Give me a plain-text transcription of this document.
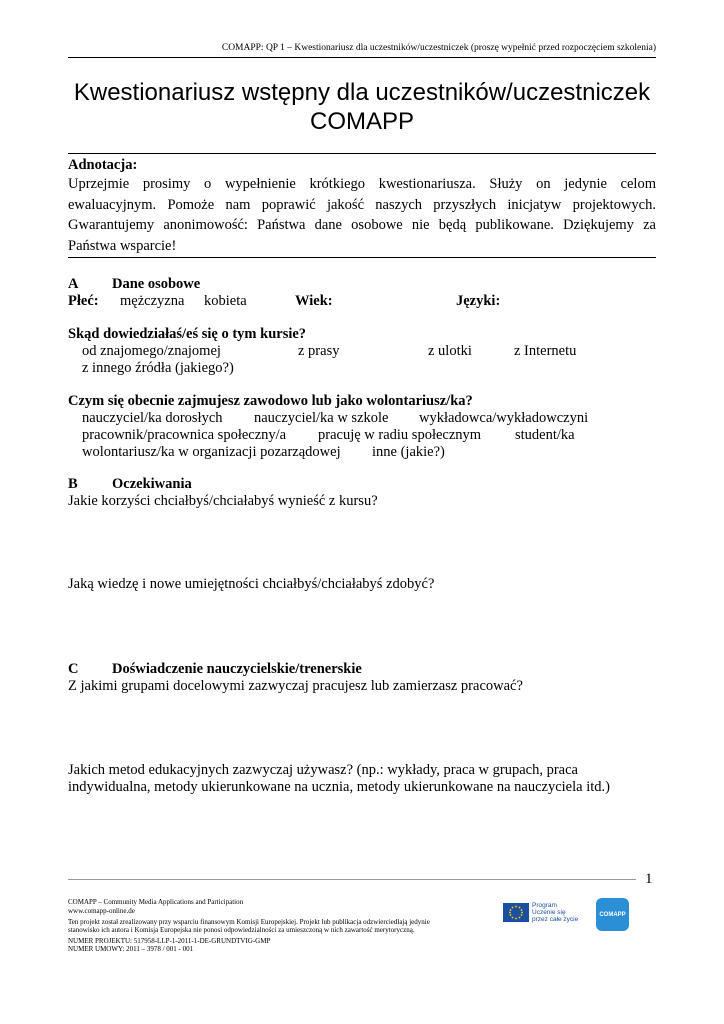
COMAPP: QP 1 – Kwestionariusz dla uczestników/uczestniczek (proszę wypełnić przed rozpoczęciem szkolenia)
Kwestionariusz wstępny dla uczestników/uczestniczek
COMAPP
Adnotacja:
Uprzejmie prosimy o wypełnienie krótkiego kwestionariusza. Służy on jedynie celom ewaluacyjnym. Pomoże nam poprawić jakość naszych przyszłych inicjatyw projektowych. Gwarantujemy anonimowość: Państwa dane osobowe nie będą publikowane. Dziękujemy za Państwa wsparcie!
A Dane osobowe
Płeć:	mężczyzna	kobieta	Wiek:	Języki:
Skąd dowiedziałaś/eś się o tym kursie?
od znajomego/znajomej	z prasy	z ulotki	z Internetu
z innego źródła (jakiego?)
Czym się obecnie zajmujesz zawodowo lub jako wolontariusz/ka?
nauczyciel/ka dorosłych	nauczyciel/ka w szkole	wykładowca/wykładowczyni
pracownik/pracownica społeczny/a	pracuję w radiu społecznym	student/ka
wolontariusz/ka w organizacji pozarządowej	inne (jakie?)
B Oczekiwania
Jakie korzyści chciałbyś/chciałabyś wynieść z kursu?
Jaką wiedzę i nowe umiejętności chciałbyś/chciałabyś zdobyć?
C Doświadczenie nauczycielskie/trenerskie
Z jakimi grupami docelowymi zazwyczaj pracujesz lub zamierzasz pracować?
Jakich metod edukacyjnych zazwyczaj używasz? (np.: wykłady, praca w grupach, praca
indywidualna, metody ukierunkowane na ucznia, metody ukierunkowane na nauczyciela itd.)
1
COMAPP – Community Media Applications and Participation
www.comapp-online.de
Ten projekt został zrealizowany przy wsparciu finansowym Komisji Europejskiej. Projekt lub publikacja odzwierciedlają jedynie
stanowisko ich autora i Komisja Europejska nie ponosi odpowiedzialności za umieszczoną w nich zawartość merytoryczną.
NUMER PROJEKTU: 517958-LLP-1-2011-1-DE-GRUNDTVIG-GMP
NUMER UMOWY: 2011 – 3978 / 001 - 001
Program
Uczenie się
przez całe życie
COMAPP
